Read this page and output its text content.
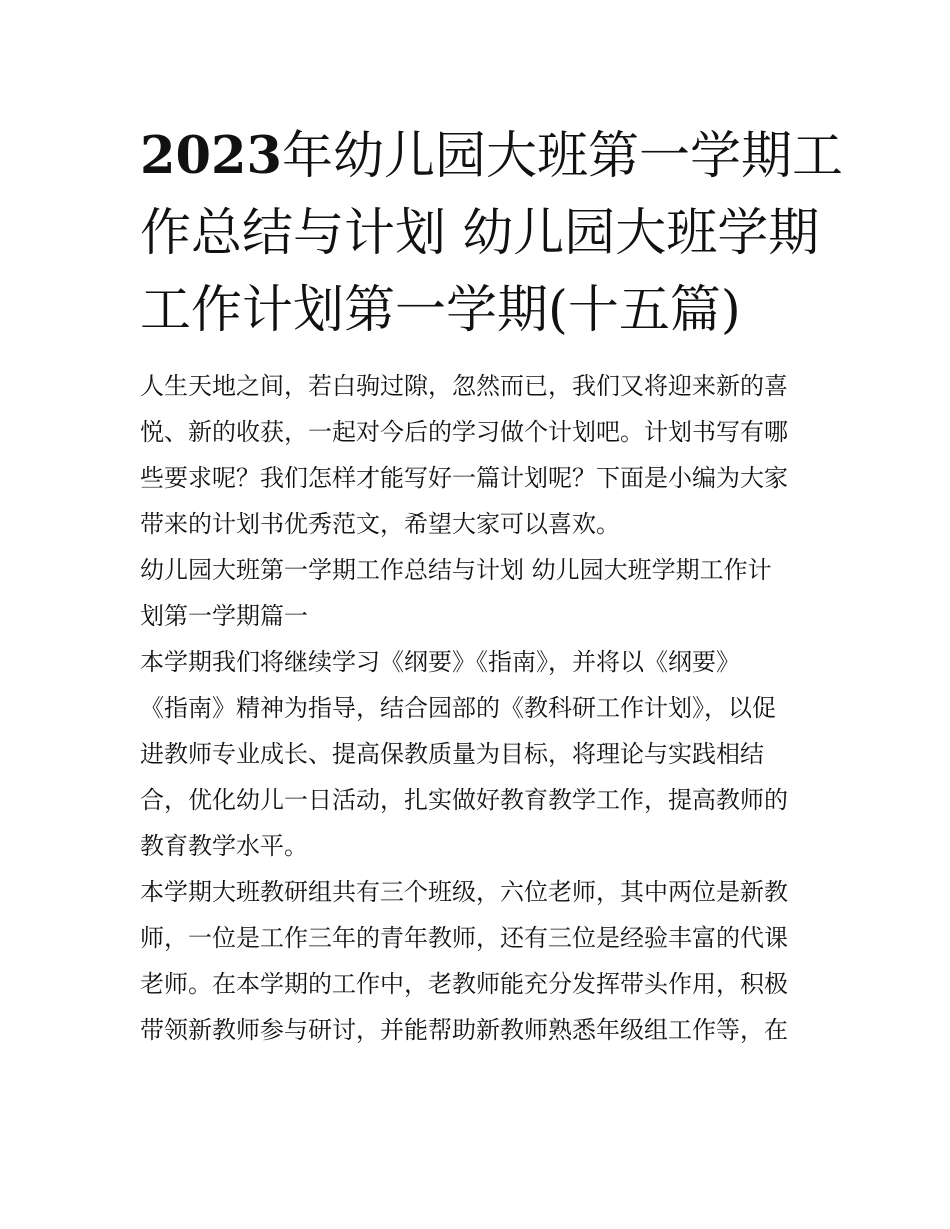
2023年幼儿园大班第一学期工
作总结与计划 幼儿园大班学期
工作计划第一学期(十五篇)
人生天地之间，若白驹过隙，忽然而已，我们又将迎来新的喜
悦、新的收获，一起对今后的学习做个计划吧。计划书写有哪
些要求呢？我们怎样才能写好一篇计划呢？下面是小编为大家
带来的计划书优秀范文，希望大家可以喜欢。
幼儿园大班第一学期工作总结与计划 幼儿园大班学期工作计
划第一学期篇一
本学期我们将继续学习《纲要》《指南》，并将以《纲要》
《指南》精神为指导，结合园部的《教科研工作计划》，以促
进教师专业成长、提高保教质量为目标，将理论与实践相结
合，优化幼儿一日活动，扎实做好教育教学工作，提高教师的
教育教学水平。
本学期大班教研组共有三个班级，六位老师，其中两位是新教
师，一位是工作三年的青年教师，还有三位是经验丰富的代课
老师。在本学期的工作中，老教师能充分发挥带头作用，积极
带领新教师参与研讨，并能帮助新教师熟悉年级组工作等，在
